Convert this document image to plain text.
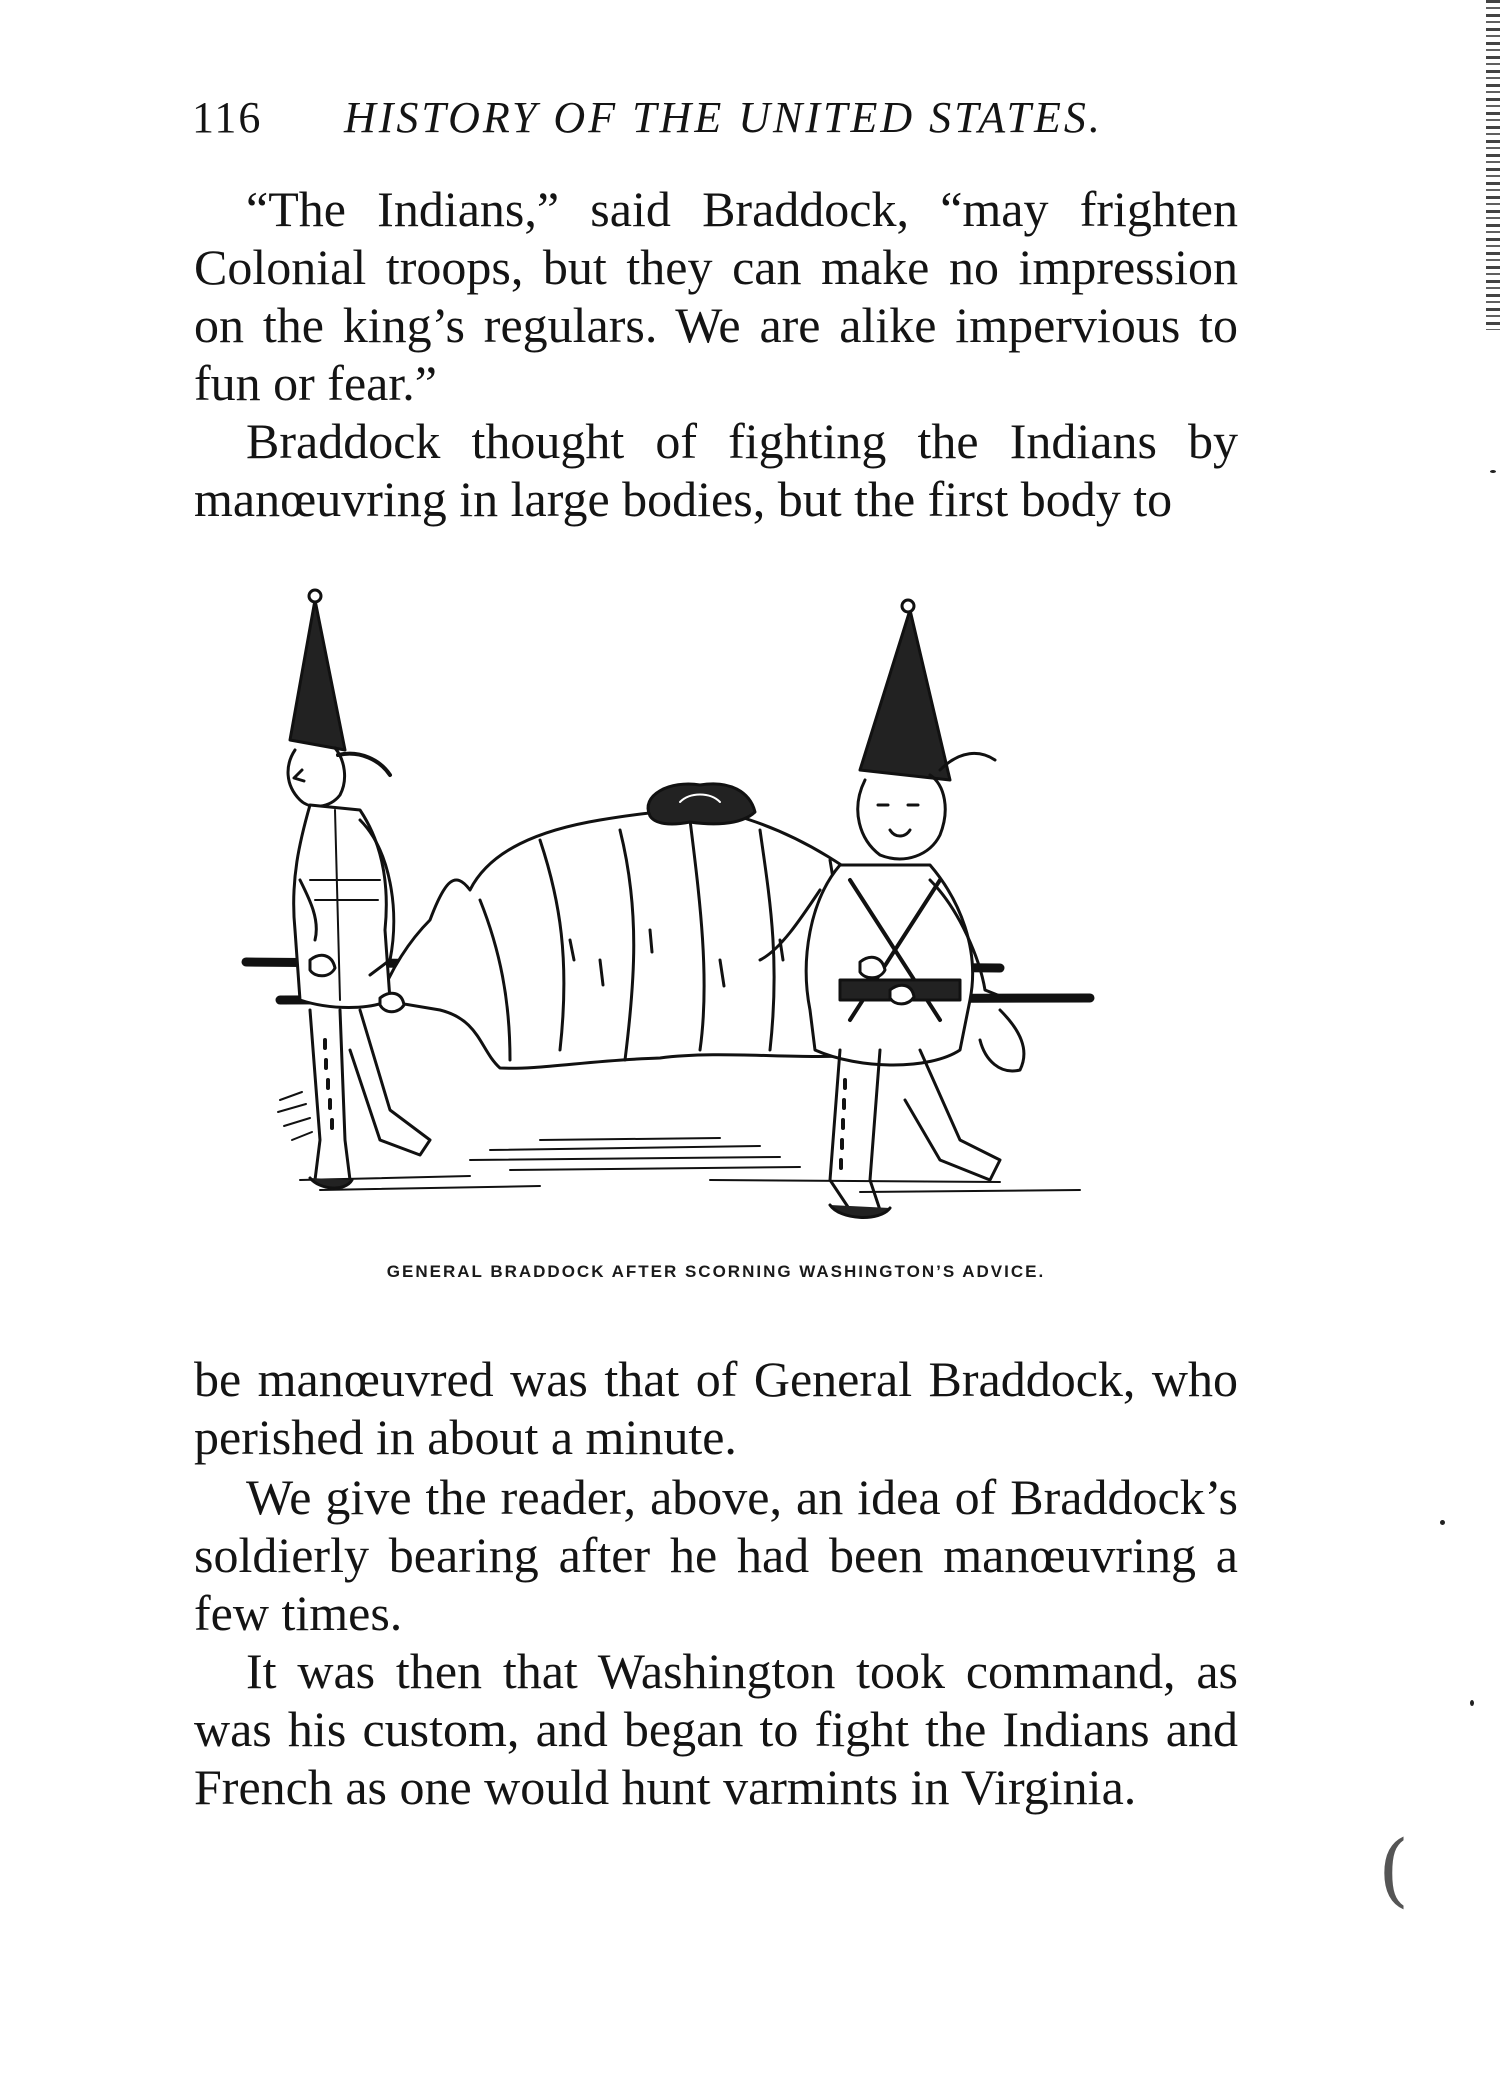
116 HISTORY OF THE UNITED STATES.

“The Indians,” said Braddock, “may frighten Colonial troops, but they can make no impression on the king’s regulars. We are alike impervious to fun or fear.”

Braddock thought of fighting the Indians by manœuvring in large bodies, but the first body to

GENERAL BRADDOCK AFTER SCORNING WASHINGTON’S ADVICE.

be manœuvred was that of General Braddock, who perished in about a minute.

We give the reader, above, an idea of Braddock’s soldierly bearing after he had been manœuvring a few times.

It was then that Washington took command, as was his custom, and began to fight the Indians and French as one would hunt varmints in Virginia.

(
